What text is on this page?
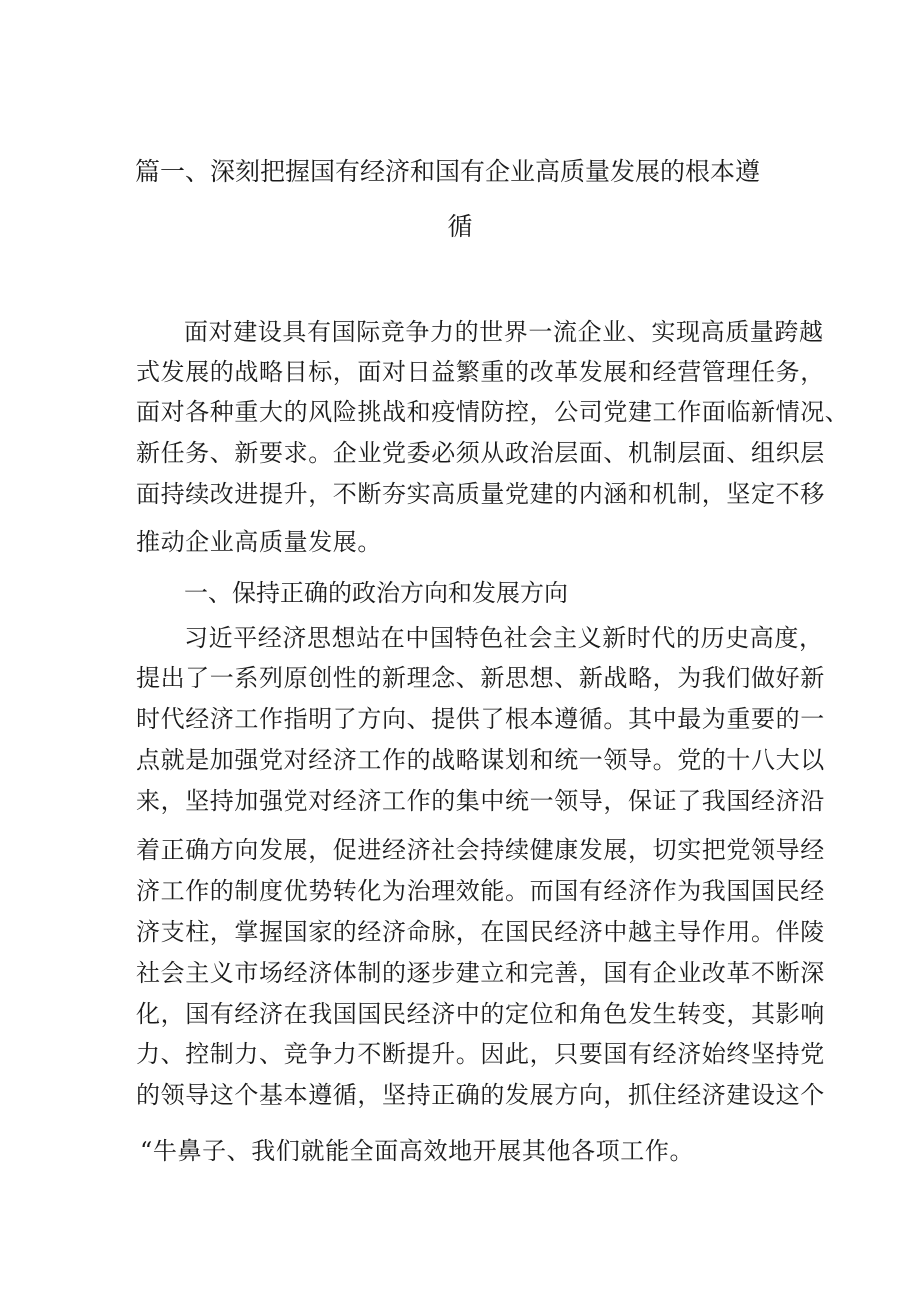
篇一、深刻把握国有经济和国有企业高质量发展的根本遵
循
面对建设具有国际竞争力的世界一流企业、实现高质量跨越
式发展的战略目标，面对日益繁重的改革发展和经营管理任务，
面对各种重大的风险挑战和疫情防控，公司党建工作面临新情况、
新任务、新要求。企业党委必须从政治层面、机制层面、组织层
面持续改进提升，不断夯实高质量党建的内涵和机制，坚定不移
推动企业高质量发展。
一、保持正确的政治方向和发展方向
习近平经济思想站在中国特色社会主义新时代的历史高度，
提出了一系列原创性的新理念、新思想、新战略，为我们做好新
时代经济工作指明了方向、提供了根本遵循。其中最为重要的一
点就是加强党对经济工作的战略谋划和统一领导。党的十八大以
来，坚持加强党对经济工作的集中统一领导，保证了我国经济沿
着正确方向发展，促进经济社会持续健康发展，切实把党领导经
济工作的制度优势转化为治理效能。而国有经济作为我国国民经
济支柱，掌握国家的经济命脉，在国民经济中越主导作用。伴陵
社会主义市场经济体制的逐步建立和完善，国有企业改革不断深
化，国有经济在我国国民经济中的定位和角色发生转变，其影响
力、控制力、竞争力不断提升。因此，只要国有经济始终坚持党
的领导这个基本遵循，坚持正确的发展方向，抓住经济建设这个
“牛鼻子、我们就能全面高效地开展其他各项工作。
